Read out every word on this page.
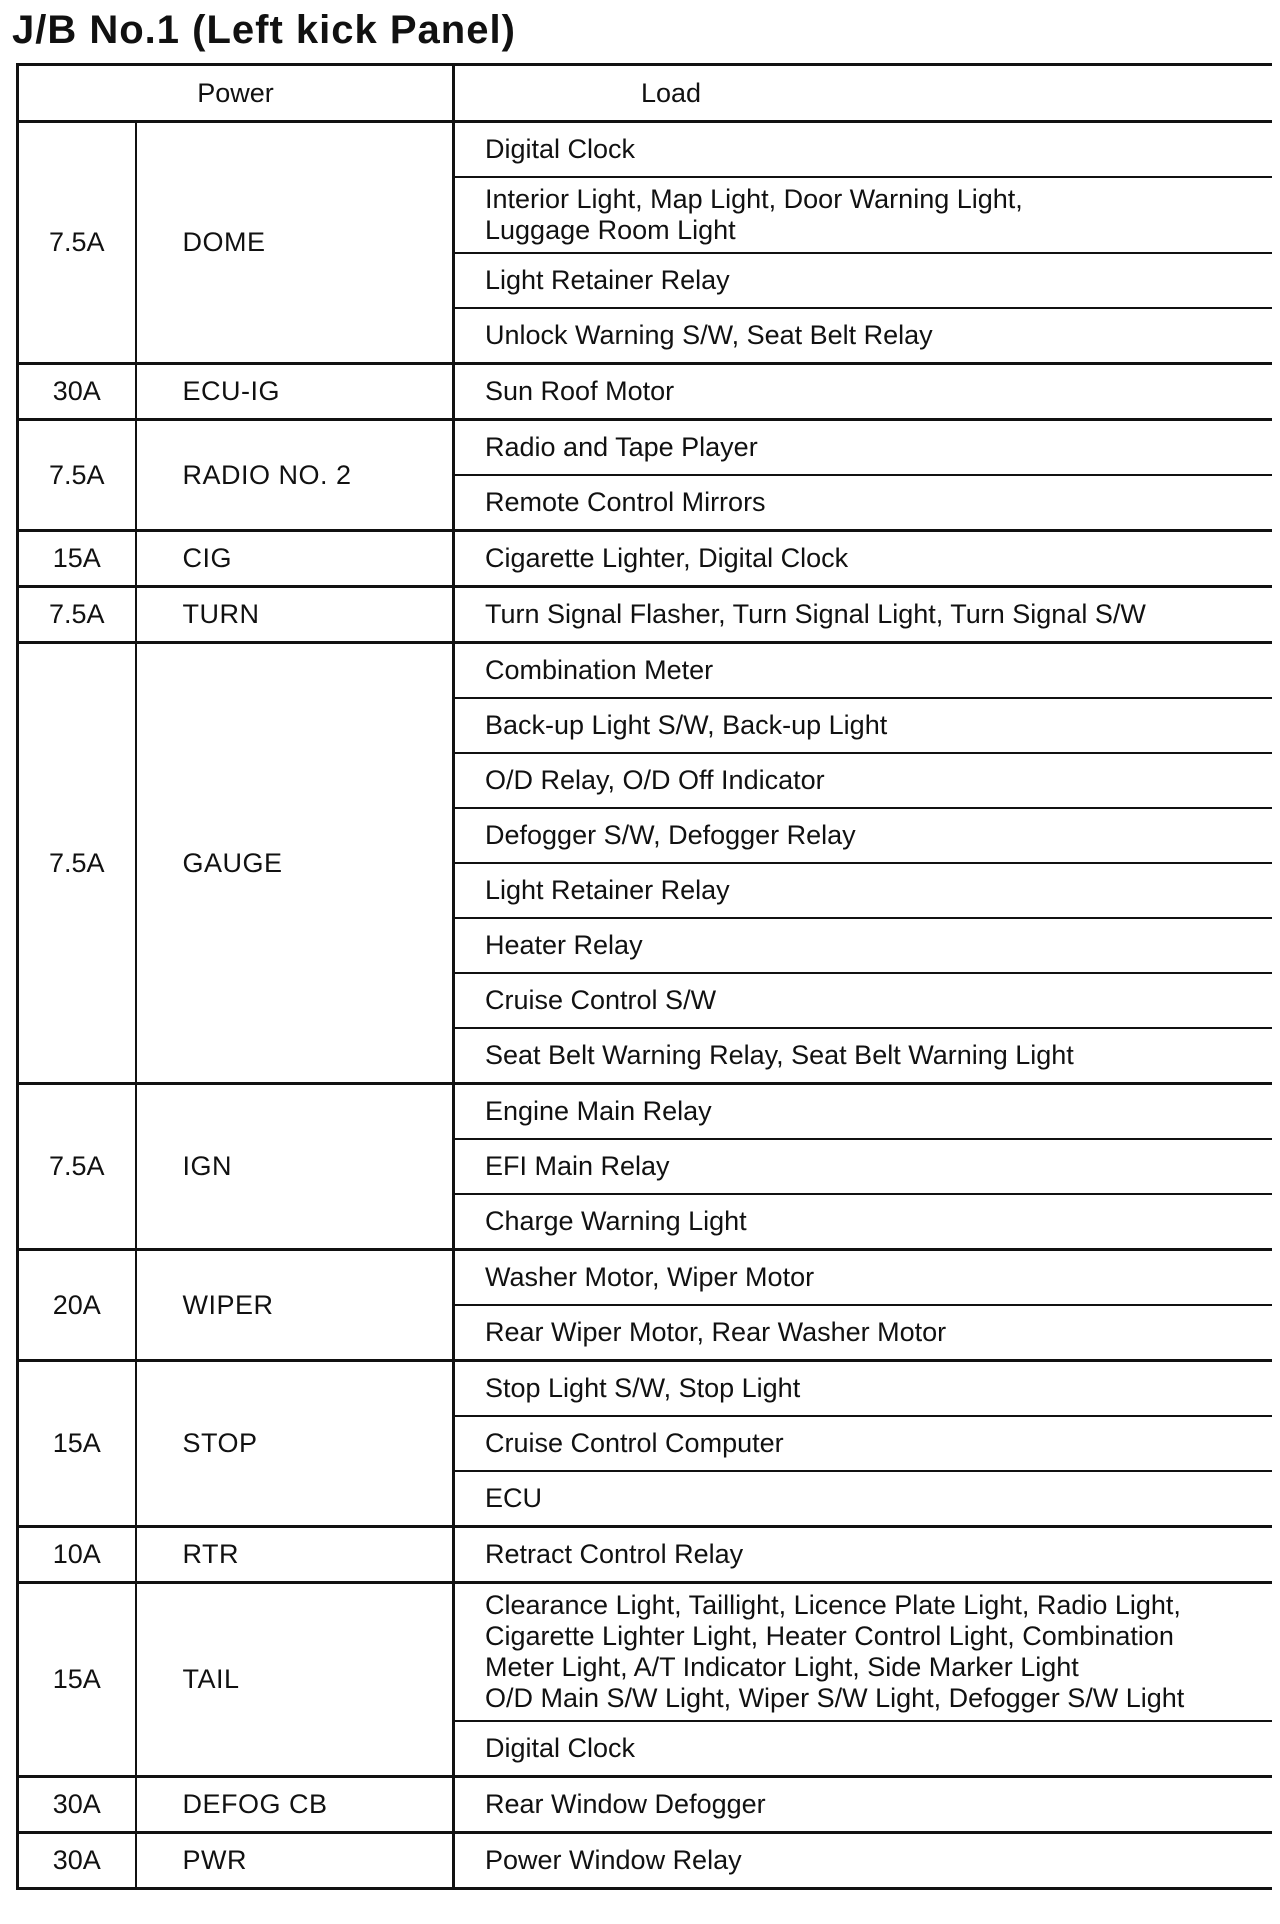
J/B No.1 (Left kick Panel)
Power		Load
7.5A	DOME	Digital Clock
		Interior Light, Map Light, Door Warning Light,
Luggage Room Light
		Light Retainer Relay
		Unlock Warning S/W, Seat Belt Relay
30A	ECU-IG	Sun Roof Motor
7.5A	RADIO NO. 2	Radio and Tape Player
		Remote Control Mirrors
15A	CIG	Cigarette Lighter, Digital Clock
7.5A	TURN	Turn Signal Flasher, Turn Signal Light, Turn Signal S/W
7.5A	GAUGE	Combination Meter
		Back-up Light S/W, Back-up Light
		O/D Relay, O/D Off Indicator
		Defogger S/W, Defogger Relay
		Light Retainer Relay
		Heater Relay
		Cruise Control S/W
		Seat Belt Warning Relay, Seat Belt Warning Light
7.5A	IGN	Engine Main Relay
		EFI Main Relay
		Charge Warning Light
20A	WIPER	Washer Motor, Wiper Motor
		Rear Wiper Motor, Rear Washer Motor
15A	STOP	Stop Light S/W, Stop Light
		Cruise Control Computer
		ECU
10A	RTR	Retract Control Relay
15A	TAIL	Clearance Light, Taillight, Licence Plate Light, Radio Light,
Cigarette Lighter Light, Heater Control Light, Combination
Meter Light, A/T Indicator Light, Side Marker Light
O/D Main S/W Light, Wiper S/W Light, Defogger S/W Light
		Digital Clock
30A	DEFOG CB	Rear Window Defogger
30A	PWR	Power Window Relay
